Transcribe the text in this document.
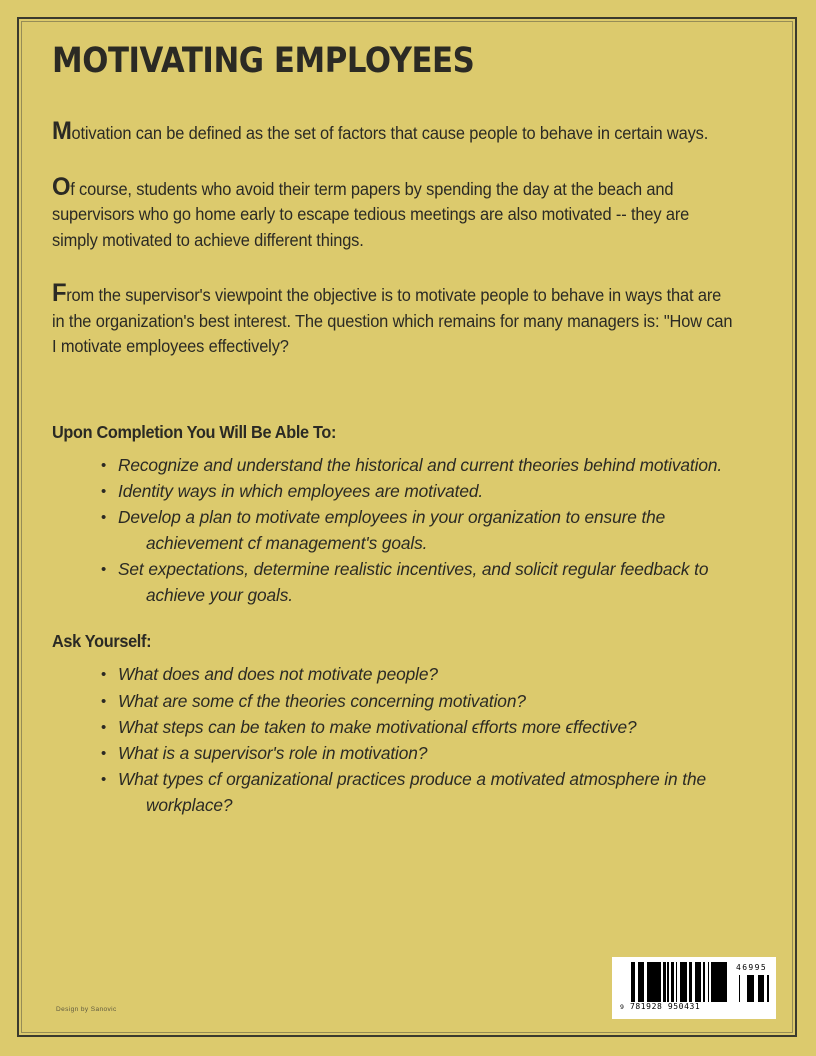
MOTIVATING EMPLOYEES

Motivation can be defined as the set of factors that cause people to behave in certain ways.

Of course, students who avoid their term papers by spending the day at the beach and supervisors who go home early to escape tedious meetings are also motivated -- they are simply motivated to achieve different things.

From the supervisor's viewpoint the objective is to motivate people to behave in ways that are in the organization's best interest. The question which remains for many managers is: "How can I motivate employees effectively?

Upon Completion You Will Be Able To:
• Recognize and understand the historical and current theories behind motivation.
• Identity ways in which employees are motivated.
• Develop a plan to motivate employees in your organization to ensure the achievement cf management's goals.
• Set expectations, determine realistic incentives, and solicit regular feedback to achieve your goals.
Ask Yourself:
• What does and does not motivate people?
• What are some cf the theories concerning motivation?
• What steps can be taken to make motivational ϵfforts more ϵffective?
• What is a supervisor's role in motivation?
• What types cf organizational practices produce a motivated atmosphere in the workplace?
9 781928 950431
46995
Design by Sanovic
